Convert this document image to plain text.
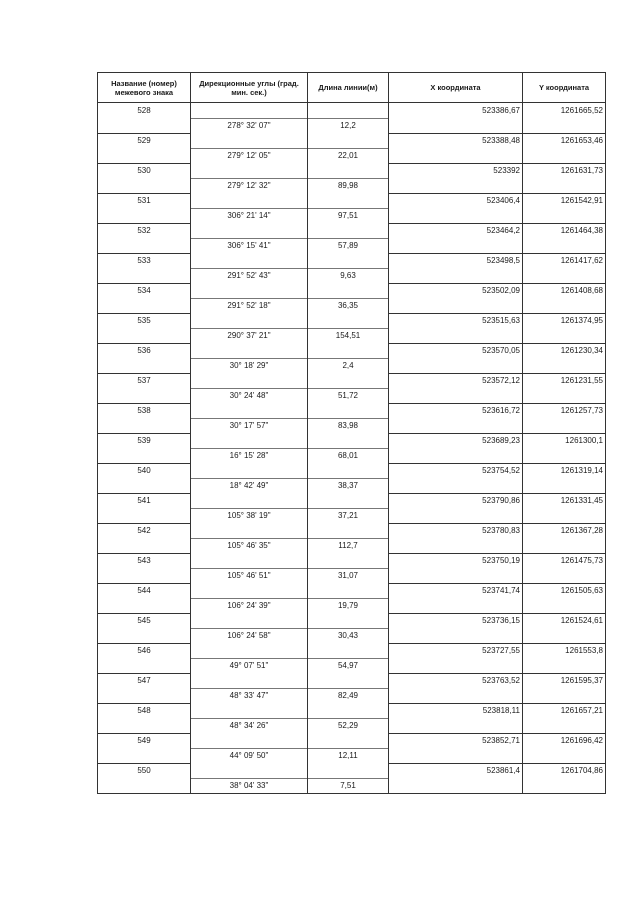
Название (номер) межевого знака	Дирекционные углы (град. мин. сек.)	Длина линии(м)	X координата	Y координата
528			523386,67	1261665,52
	278° 32' 07"	12,2		
529			523388,48	1261653,46
	279° 12' 05"	22,01		
530			523392	1261631,73
	279° 12' 32"	89,98		
531			523406,4	1261542,91
	306° 21' 14"	97,51		
532			523464,2	1261464,38
	306° 15' 41"	57,89		
533			523498,5	1261417,62
	291° 52' 43"	9,63		
534			523502,09	1261408,68
	291° 52' 18"	36,35		
535			523515,63	1261374,95
	290° 37' 21"	154,51		
536			523570,05	1261230,34
	30° 18' 29"	2,4		
537			523572,12	1261231,55
	30° 24' 48"	51,72		
538			523616,72	1261257,73
	30° 17' 57"	83,98		
539			523689,23	1261300,1
	16° 15' 28"	68,01		
540			523754,52	1261319,14
	18° 42' 49"	38,37		
541			523790,86	1261331,45
	105° 38' 19"	37,21		
542			523780,83	1261367,28
	105° 46' 35"	112,7		
543			523750,19	1261475,73
	105° 46' 51"	31,07		
544			523741,74	1261505,63
	106° 24' 39"	19,79		
545			523736,15	1261524,61
	106° 24' 58"	30,43		
546			523727,55	1261553,8
	49° 07' 51"	54,97		
547			523763,52	1261595,37
	48° 33' 47"	82,49		
548			523818,11	1261657,21
	48° 34' 26"	52,29		
549			523852,71	1261696,42
	44° 09' 50"	12,11		
550			523861,4	1261704,86
	38° 04' 33"	7,51		
